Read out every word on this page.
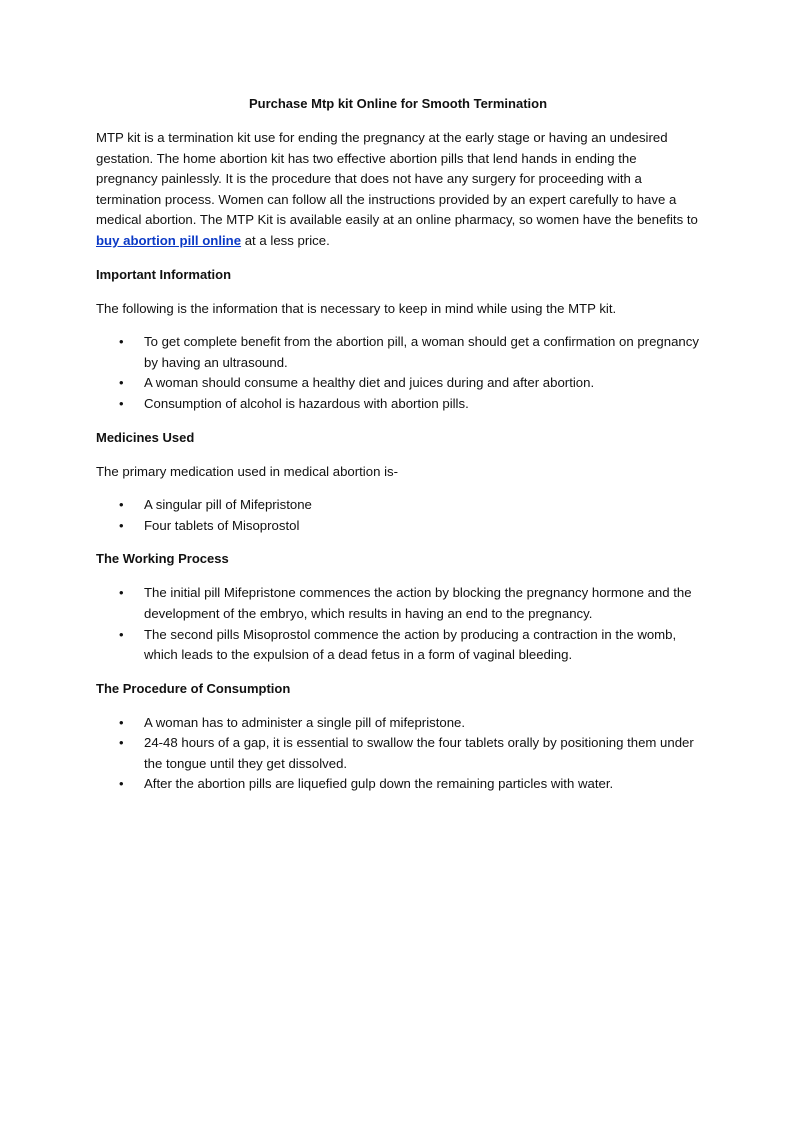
Purchase Mtp kit Online for Smooth Termination

MTP kit is a termination kit use for ending the pregnancy at the early stage or having an undesired gestation. The home abortion kit has two effective abortion pills that lend hands in ending the pregnancy painlessly. It is the procedure that does not have any surgery for proceeding with a termination process. Women can follow all the instructions provided by an expert carefully to have a medical abortion. The MTP Kit is available easily at an online pharmacy, so women have the benefits to buy abortion pill online at a less price.

Important Information

The following is the information that is necessary to keep in mind while using the MTP kit.

• To get complete benefit from the abortion pill, a woman should get a confirmation on pregnancy by having an ultrasound.
• A woman should consume a healthy diet and juices during and after abortion.
• Consumption of alcohol is hazardous with abortion pills.
Medicines Used

The primary medication used in medical abortion is-

• A singular pill of Mifepristone
• Four tablets of Misoprostol
The Working Process
• The initial pill Mifepristone commences the action by blocking the pregnancy hormone and the development of the embryo, which results in having an end to the pregnancy.
• The second pills Misoprostol commence the action by producing a contraction in the womb, which leads to the expulsion of a dead fetus in a form of vaginal bleeding.
The Procedure of Consumption
• A woman has to administer a single pill of mifepristone.
• 24-48 hours of a gap, it is essential to swallow the four tablets orally by positioning them under the tongue until they get dissolved.
• After the abortion pills are liquefied gulp down the remaining particles with water.
